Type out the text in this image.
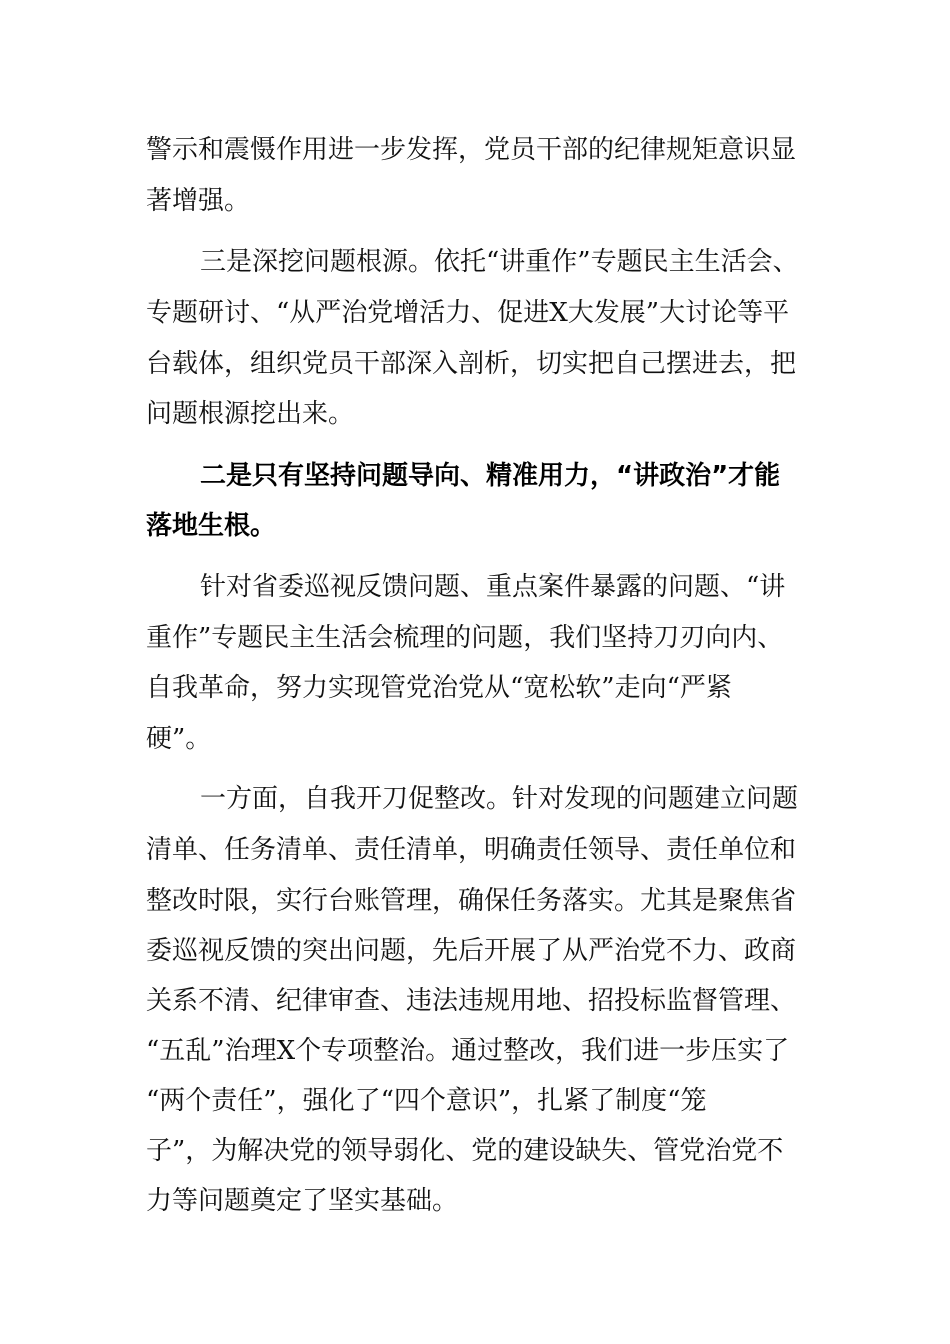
警示和震慑作用进一步发挥，党员干部的纪律规矩意识显
著增强。
三是深挖问题根源。依托“讲重作”专题民主生活会、
专题研讨、“从严治党增活力、促进X大发展”大讨论等平
台载体，组织党员干部深入剖析，切实把自己摆进去，把
问题根源挖出来。
二是只有坚持问题导向、精准用力，“讲政治”才能
落地生根。
针对省委巡视反馈问题、重点案件暴露的问题、“讲
重作”专题民主生活会梳理的问题，我们坚持刀刃向内、
自我革命，努力实现管党治党从“宽松软”走向“严紧
硬”。
一方面，自我开刀促整改。针对发现的问题建立问题
清单、任务清单、责任清单，明确责任领导、责任单位和
整改时限，实行台账管理，确保任务落实。尤其是聚焦省
委巡视反馈的突出问题，先后开展了从严治党不力、政商
关系不清、纪律审查、违法违规用地、招投标监督管理、
“五乱”治理X个专项整治。通过整改，我们进一步压实了
“两个责任”，强化了“四个意识”，扎紧了制度“笼
子”，为解决党的领导弱化、党的建设缺失、管党治党不
力等问题奠定了坚实基础。
